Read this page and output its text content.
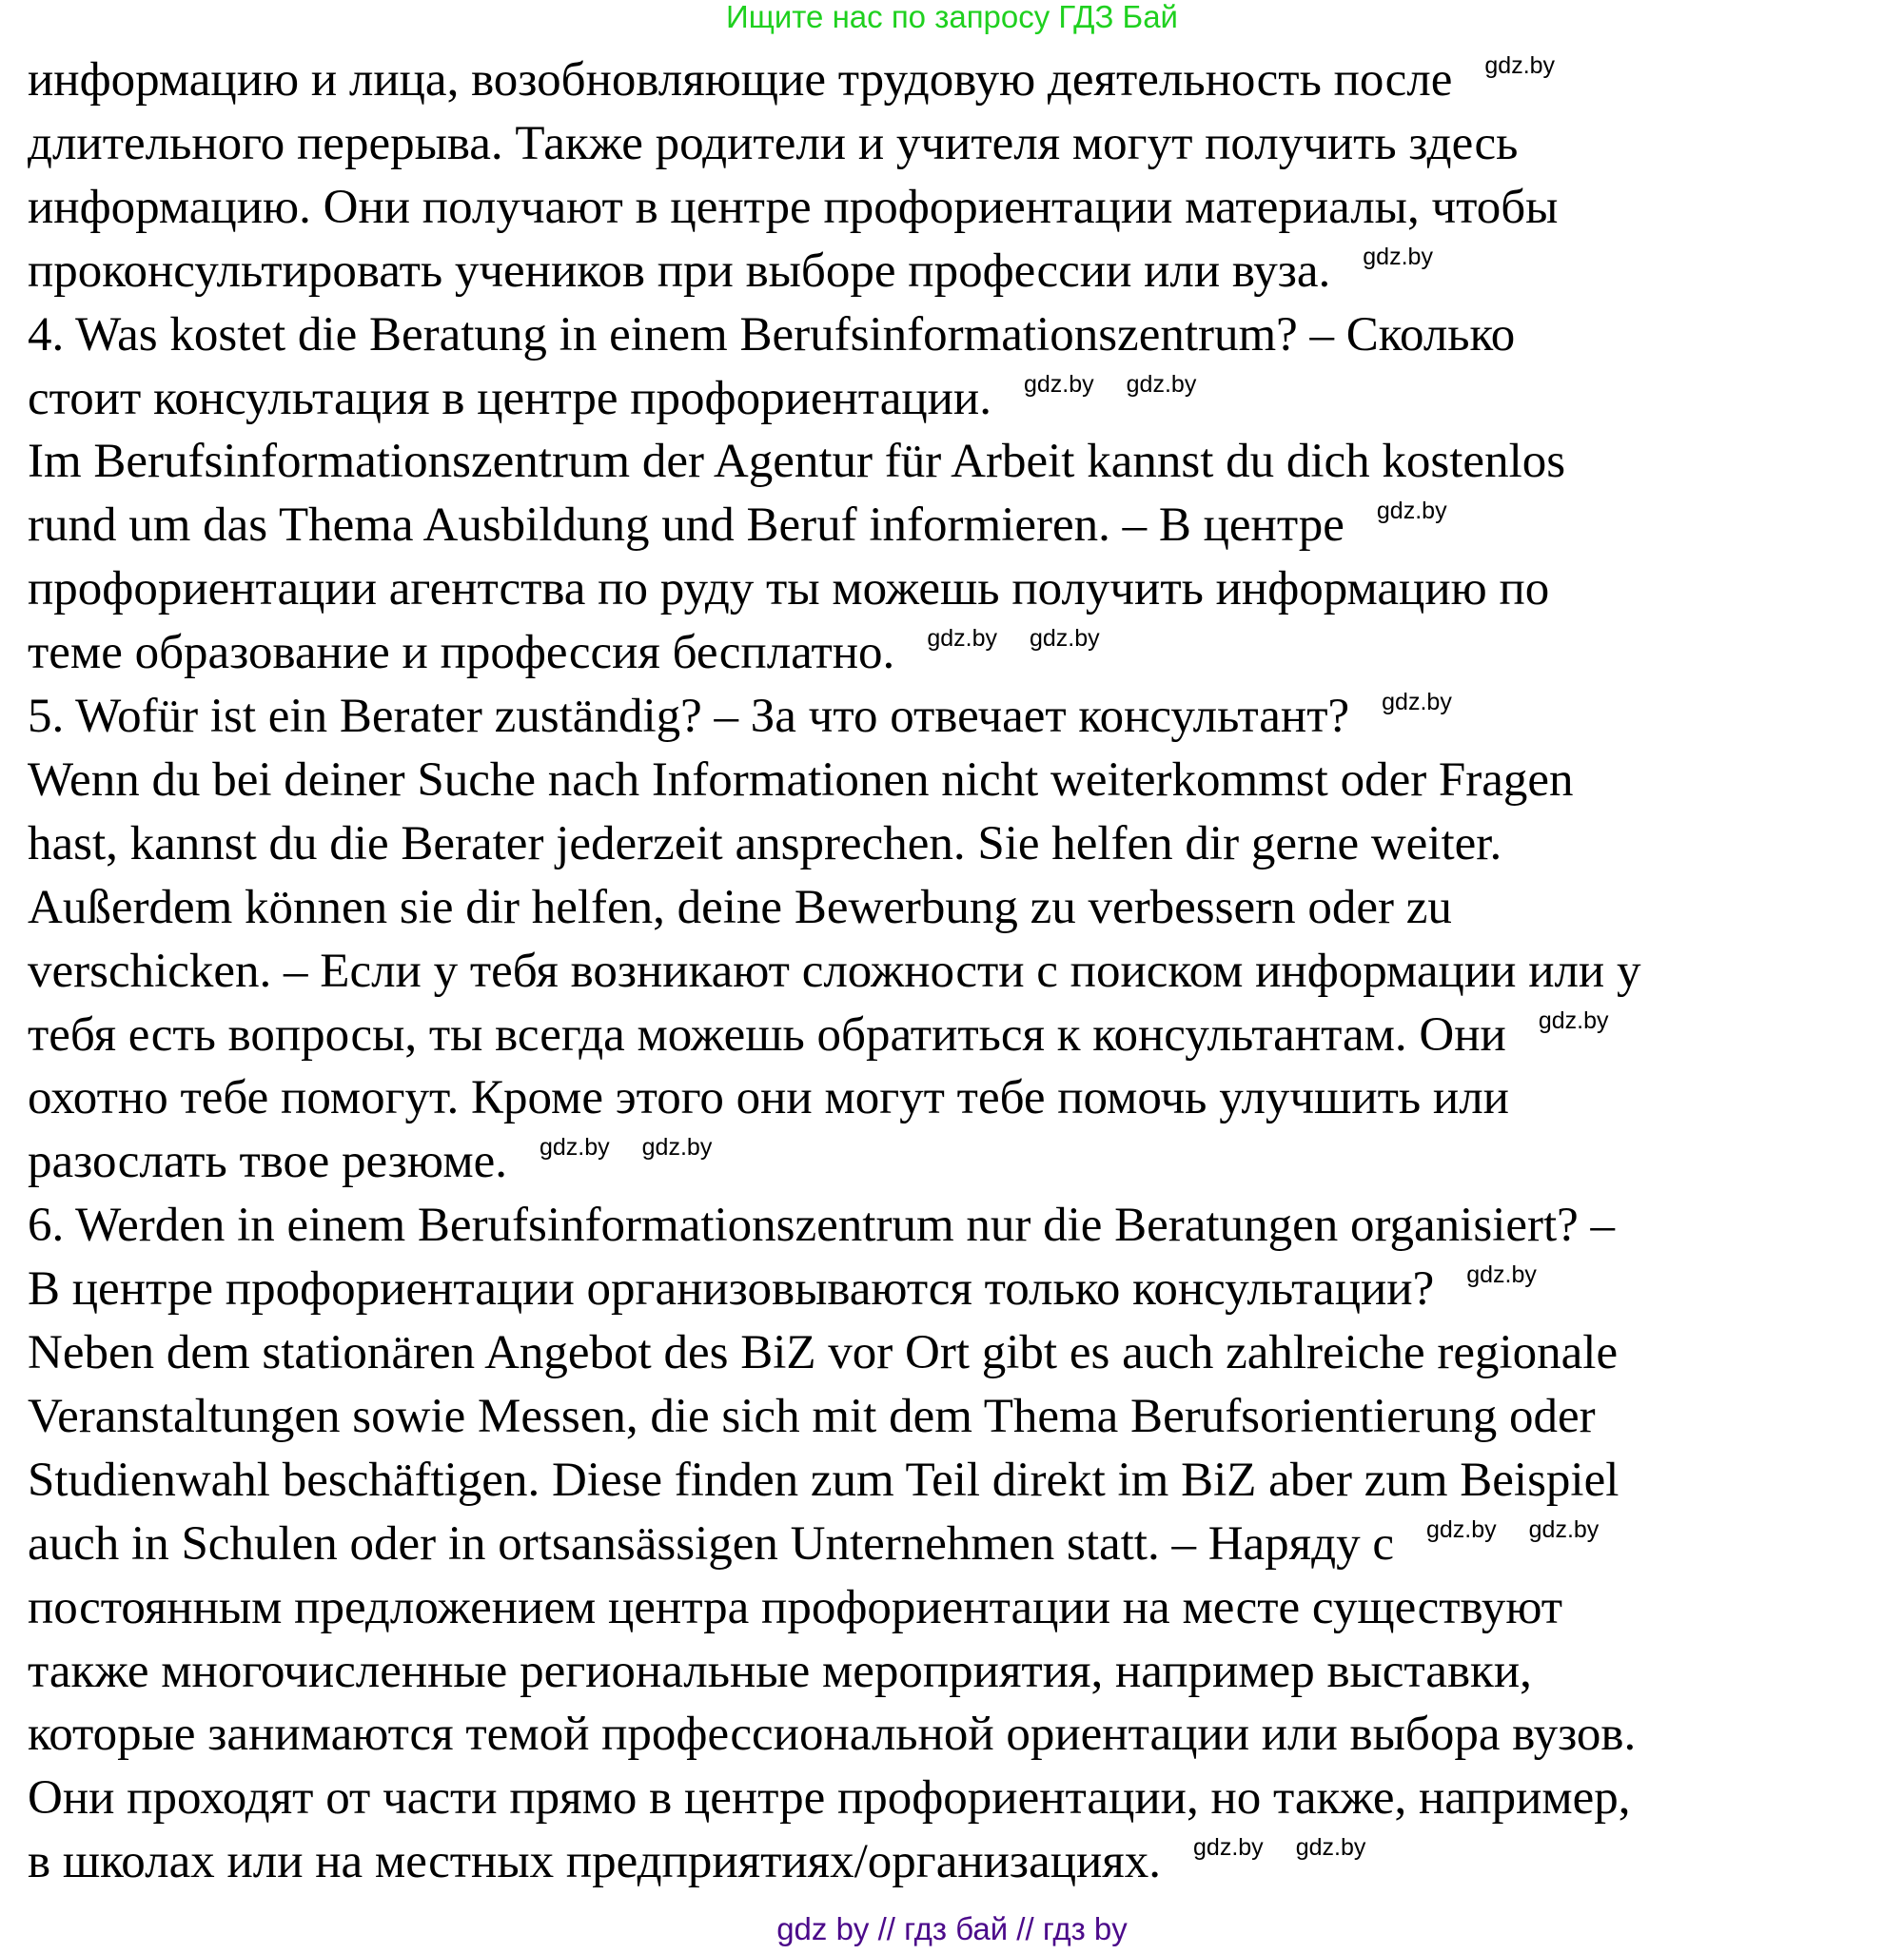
Ищите нас по запросу ГДЗ Бай
информацию и лица, возобновляющие трудовую деятельность после gdz.by
длительного перерыва. Также родители и учителя могут получить здесь
информацию. Они получают в центре профориентации материалы, чтобы
проконсультировать учеников при выборе профессии или вуза. gdz.by
4. Was kostet die Beratung in einem Berufsinformationszentrum? – Сколько
стоит консультация в центре профориентации. gdz.by gdz.by
Im Berufsinformationszentrum der Agentur für Arbeit kannst du dich kostenlos
rund um das Thema Ausbildung und Beruf informieren. – В центре gdz.by
профориентации агентства по руду ты можешь получить информацию по
теме образование и профессия бесплатно. gdz.by gdz.by
5. Wofür ist ein Berater zuständig? – За что отвечает консультант? gdz.by
Wenn du bei deiner Suche nach Informationen nicht weiterkommst oder Fragen
hast, kannst du die Berater jederzeit ansprechen. Sie helfen dir gerne weiter.
Außerdem können sie dir helfen, deine Bewerbung zu verbessern oder zu
verschicken. – Если у тебя возникают сложности с поиском информации или у
тебя есть вопросы, ты всегда можешь обратиться к консультантам. Они gdz.by
охотно тебе помогут. Кроме этого они могут тебе помочь улучшить или
разослать твое резюме. gdz.by gdz.by
6. Werden in einem Berufsinformationszentrum nur die Beratungen organisiert? –
В центре профориентации организовываются только консультации? gdz.by
Neben dem stationären Angebot des BiZ vor Ort gibt es auch zahlreiche regionale
Veranstaltungen sowie Messen, die sich mit dem Thema Berufsorientierung oder
Studienwahl beschäftigen. Diese finden zum Teil direkt im BiZ aber zum Beispiel
auch in Schulen oder in ortsansässigen Unternehmen statt. – Наряду с gdz.by gdz.by
постоянным предложением центра профориентации на месте существуют
также многочисленные региональные мероприятия, например выставки,
которые занимаются темой профессиональной ориентации или выбора вузов.
Они проходят от части прямо в центре профориентации, но также, например,
в школах или на местных предприятиях/организациях. gdz.by gdz.by
gdz by // гдз бай // гдз by
